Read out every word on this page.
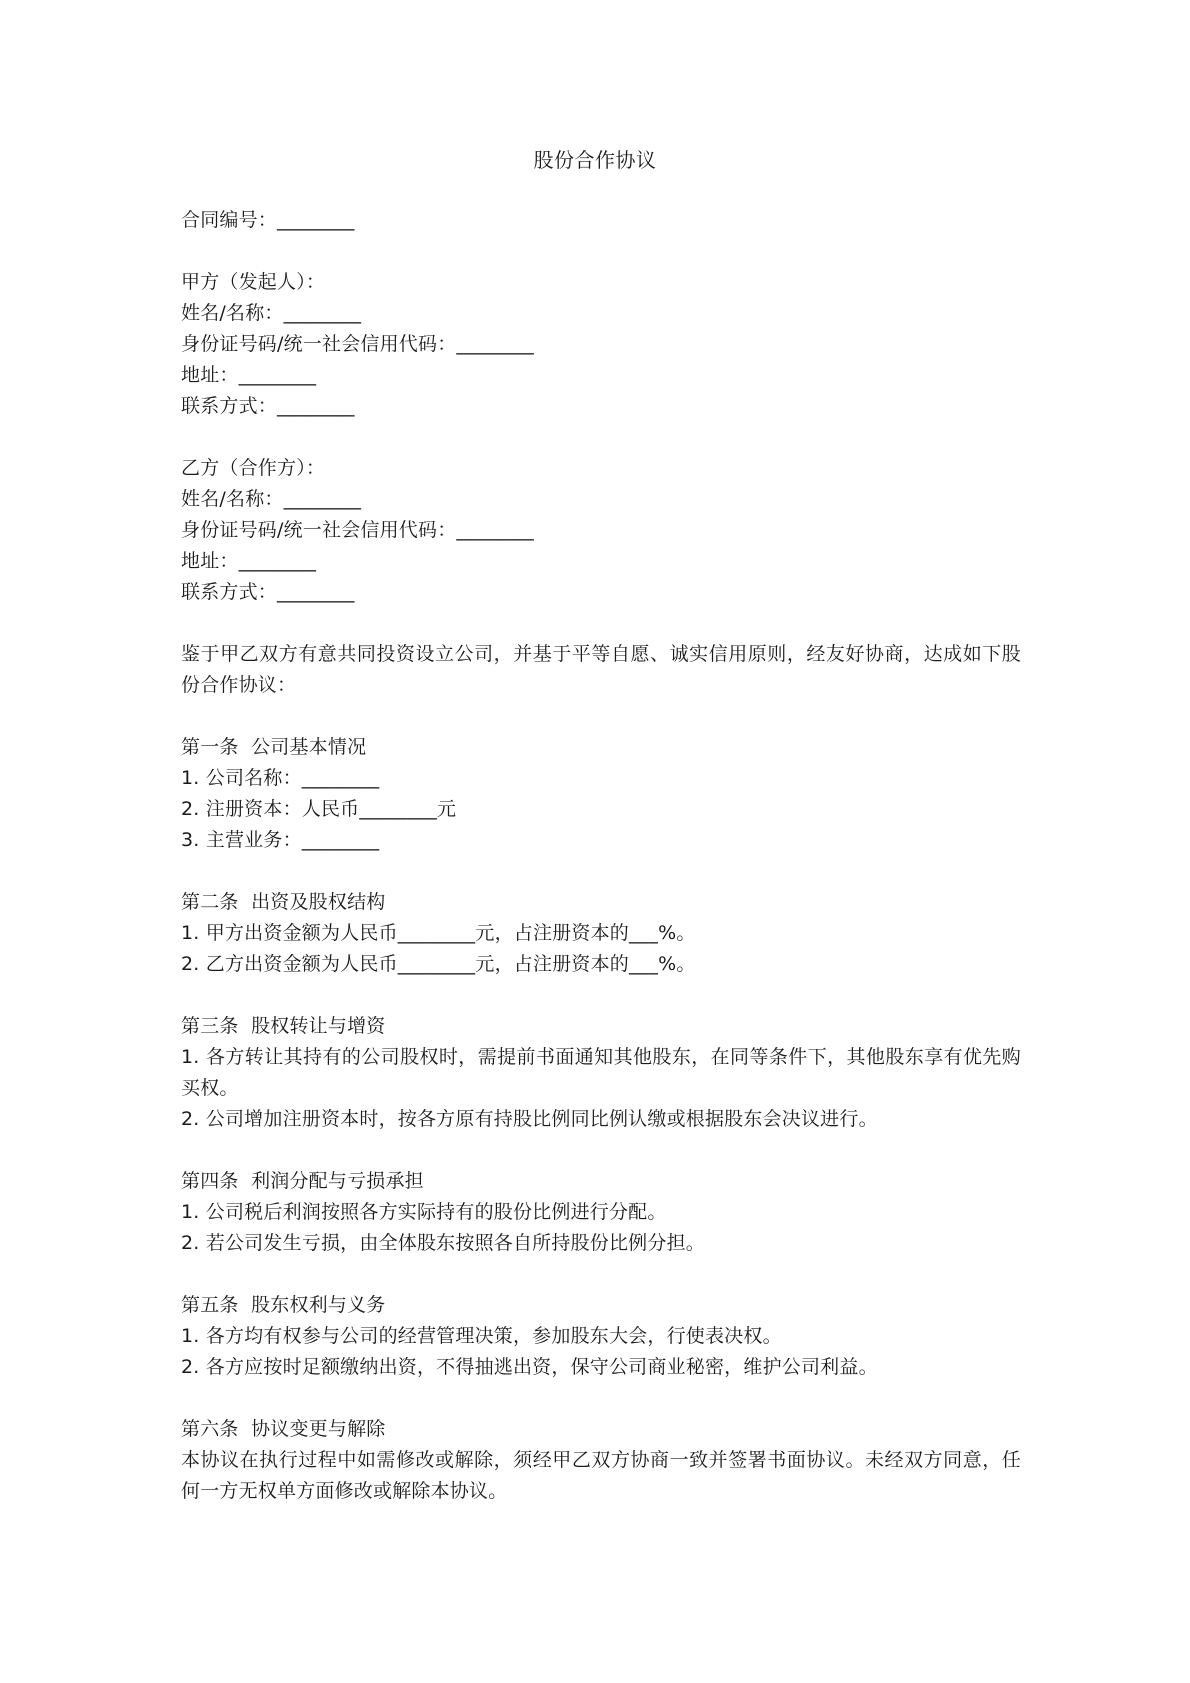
股份合作协议

合同编号：________

甲方（发起人）：

姓名/名称：________

身份证号码/统一社会信用代码：________

地址：________

联系方式：________

乙方（合作方）：

姓名/名称：________

身份证号码/统一社会信用代码：________

地址：________

联系方式：________

鉴于甲乙双方有意共同投资设立公司，并基于平等自愿、诚实信用原则，经友好协商，达成如下股份合作协议：

第一条  公司基本情况

1. 公司名称：________

2. 注册资本：人民币________元

3. 主营业务：________

第二条  出资及股权结构

1. 甲方出资金额为人民币________元，占注册资本的___%。

2. 乙方出资金额为人民币________元，占注册资本的___%。

第三条  股权转让与增资

1. 各方转让其持有的公司股权时，需提前书面通知其他股东，在同等条件下，其他股东享有优先购买权。

2. 公司增加注册资本时，按各方原有持股比例同比例认缴或根据股东会决议进行。

第四条  利润分配与亏损承担

1. 公司税后利润按照各方实际持有的股份比例进行分配。

2. 若公司发生亏损，由全体股东按照各自所持股份比例分担。

第五条  股东权利与义务

1. 各方均有权参与公司的经营管理决策，参加股东大会，行使表决权。

2. 各方应按时足额缴纳出资，不得抽逃出资，保守公司商业秘密，维护公司利益。

第六条  协议变更与解除

本协议在执行过程中如需修改或解除，须经甲乙双方协商一致并签署书面协议。未经双方同意，任何一方无权单方面修改或解除本协议。
